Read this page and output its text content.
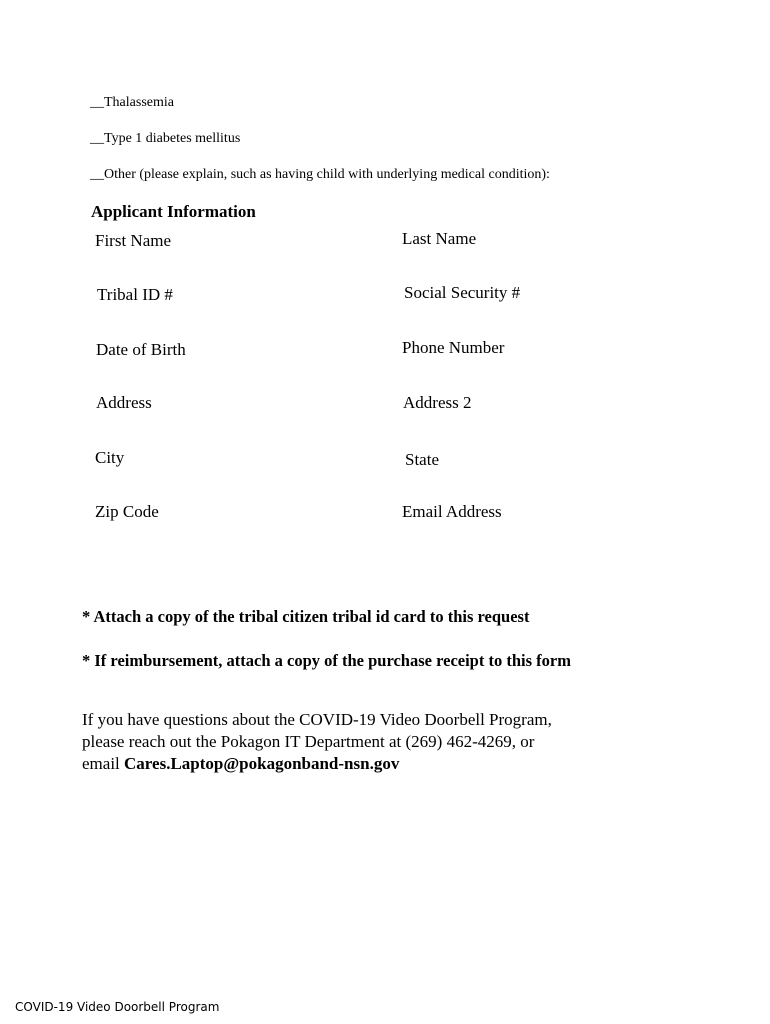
__Thalassemia
__Type 1 diabetes mellitus
__Other (please explain, such as having child with underlying medical condition):
Applicant Information
First Name	Last Name
Tribal ID #	Social Security #
Date of Birth	Phone Number
Address	Address 2
City	State
Zip Code	Email Address
* Attach a copy of the tribal citizen tribal id card to this request
* If reimbursement, attach a copy of the purchase receipt to this form
If you have questions about the COVID-19 Video Doorbell Program,
please reach out the Pokagon IT Department at (269) 462-4269, or
email Cares.Laptop@pokagonband-nsn.gov
COVID-19 Video Doorbell Program
